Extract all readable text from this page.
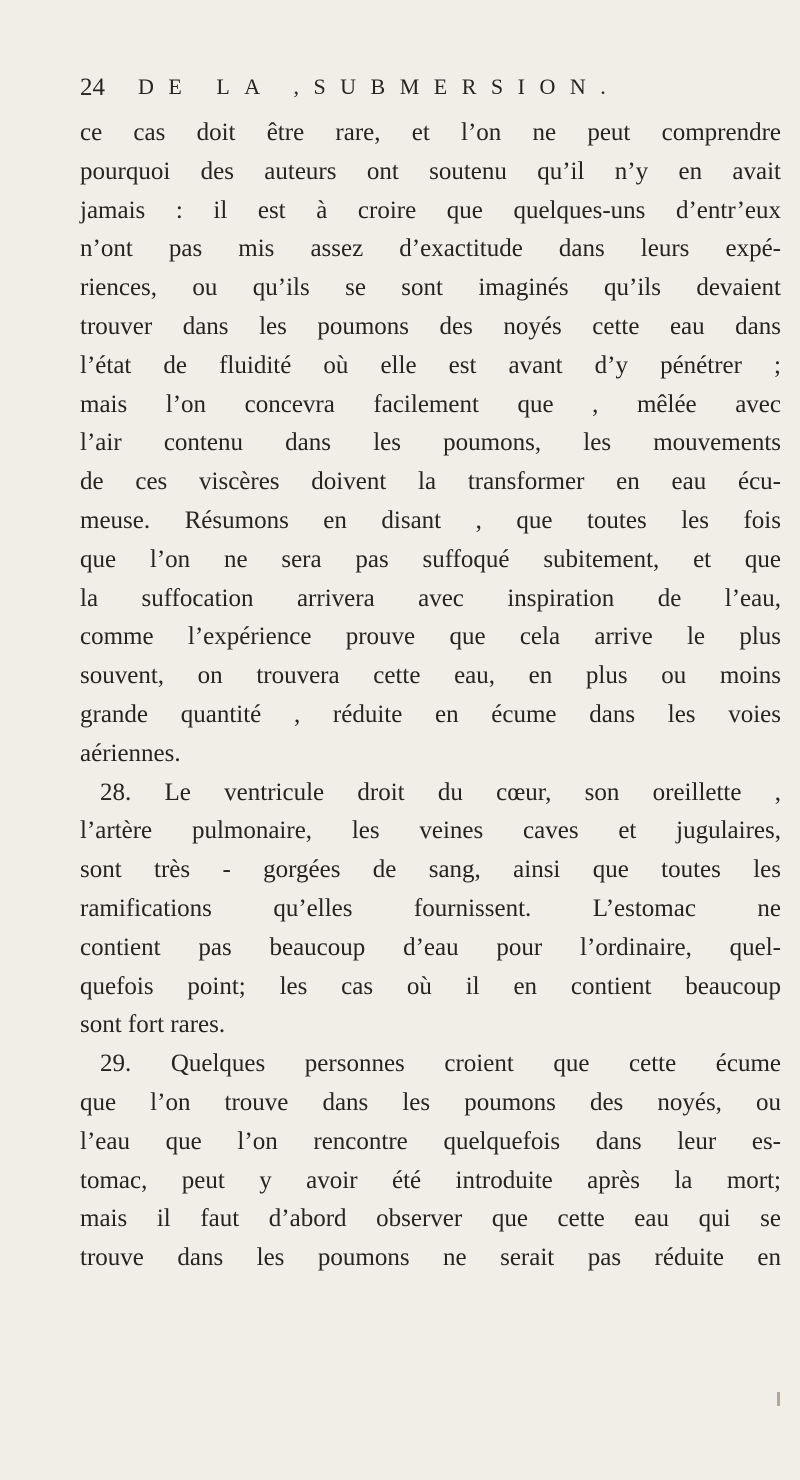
24 DE LA ,SUBMERSION.
ce cas doit être rare, et l’on ne peut comprendre
pourquoi des auteurs ont soutenu qu’il n’y en avait
jamais : il est à croire que quelques-uns d’entr’eux
n’ont pas mis assez d’exactitude dans leurs expé-
riences, ou qu’ils se sont imaginés qu’ils devaient
trouver dans les poumons des noyés cette eau dans
l’état de fluidité où elle est avant d’y pénétrer ;
mais l’on concevra facilement que , mêlée avec
l’air contenu dans les poumons, les mouvements
de ces viscères doivent la transformer en eau écu-
meuse. Résumons en disant , que toutes les fois
que l’on ne sera pas suffoqué subitement, et que
la suffocation arrivera avec inspiration de l’eau,
comme l’expérience prouve que cela arrive le plus
souvent, on trouvera cette eau, en plus ou moins
grande quantité , réduite en écume dans les voies
aériennes.
28. Le ventricule droit du cœur, son oreillette ,
l’artère pulmonaire, les veines caves et jugulaires,
sont très - gorgées de sang, ainsi que toutes les
ramifications qu’elles fournissent. L’estomac ne
contient pas beaucoup d’eau pour l’ordinaire, quel-
quefois point; les cas où il en contient beaucoup
sont fort rares.
29. Quelques personnes croient que cette écume
que l’on trouve dans les poumons des noyés, ou
l’eau que l’on rencontre quelquefois dans leur es-
tomac, peut y avoir été introduite après la mort;
mais il faut d’abord observer que cette eau qui se
trouve dans les poumons ne serait pas réduite en
